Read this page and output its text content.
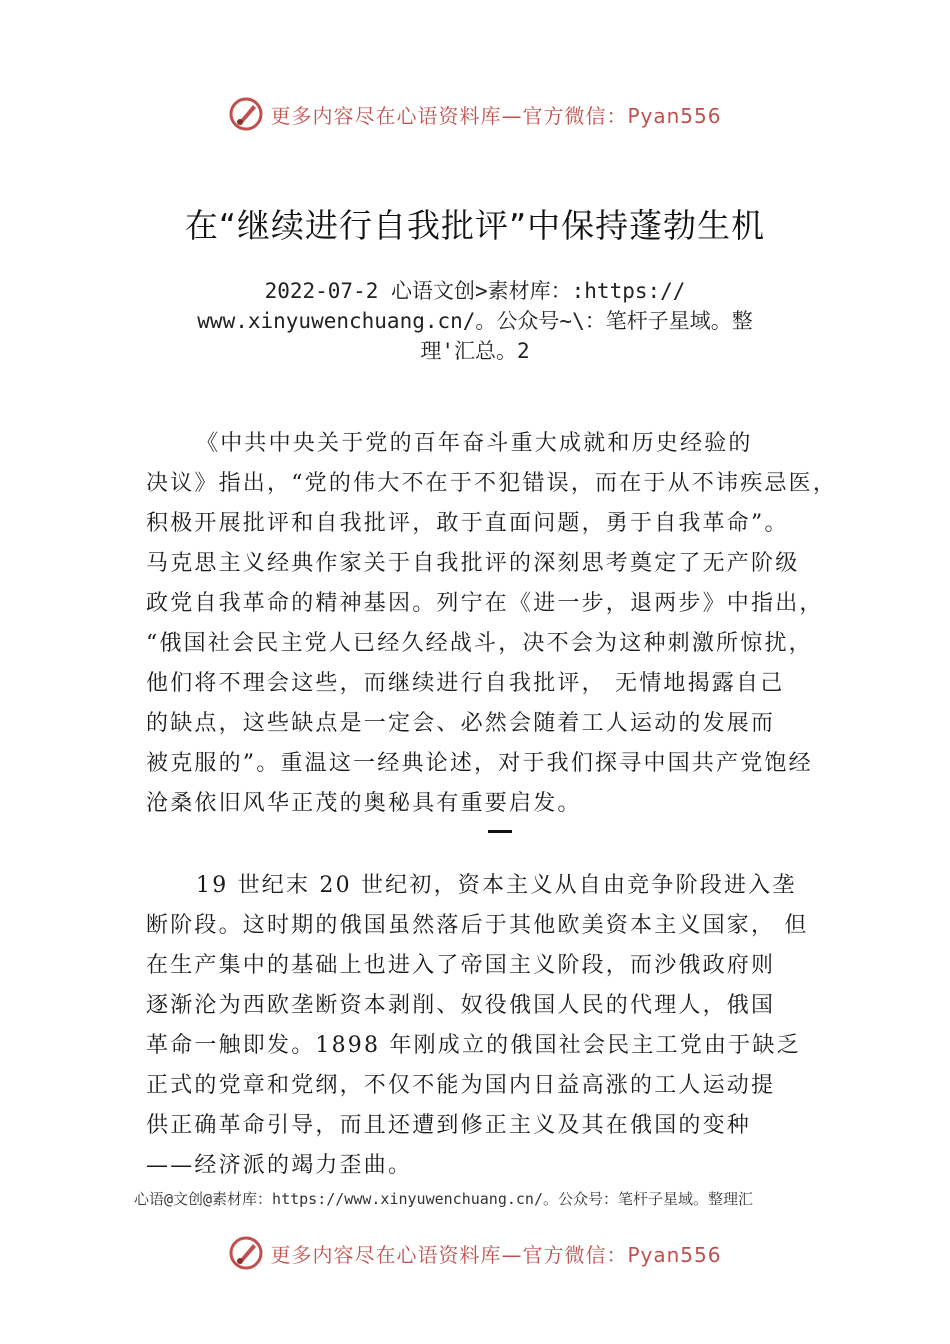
更多内容尽在心语资料库—官方微信：Pyan556
在“继续进行自我批评”中保持蓬勃生机
2022-07-2 心语文创>素材库：:https://
www.xinyuwenchuang.cn/。公众号~\：笔杆子星域。整
理'汇总。2
《中共中央关于党的百年奋斗重大成就和历史经验的
决议》指出，“党的伟大不在于不犯错误，而在于从不讳疾忌医，
积极开展批评和自我批评，敢于直面问题，勇于自我革命”。
马克思主义经典作家关于自我批评的深刻思考奠定了无产阶级
政党自我革命的精神基因。列宁在《进一步，退两步》中指出，
“俄国社会民主党人已经久经战斗，决不会为这种刺激所惊扰，
他们将不理会这些，而继续进行自我批评， 无情地揭露自己
的缺点，这些缺点是一定会、必然会随着工人运动的发展而
被克服的”。重温这一经典论述，对于我们探寻中国共产党饱经
沧桑依旧风华正茂的奥秘具有重要启发。
19 世纪末 20 世纪初，资本主义从自由竞争阶段进入垄
断阶段。这时期的俄国虽然落后于其他欧美资本主义国家， 但
在生产集中的基础上也进入了帝国主义阶段，而沙俄政府则
逐渐沦为西欧垄断资本剥削、奴役俄国人民的代理人，俄国
革命一触即发。1898 年刚成立的俄国社会民主工党由于缺乏
正式的党章和党纲，不仅不能为国内日益高涨的工人运动提
供正确革命引导，而且还遭到修正主义及其在俄国的变种
——经济派的竭力歪曲。
心语@文创@素材库：https://www.xinyuwenchuang.cn/。公众号：笔杆子星域。整理汇
更多内容尽在心语资料库—官方微信：Pyan556
